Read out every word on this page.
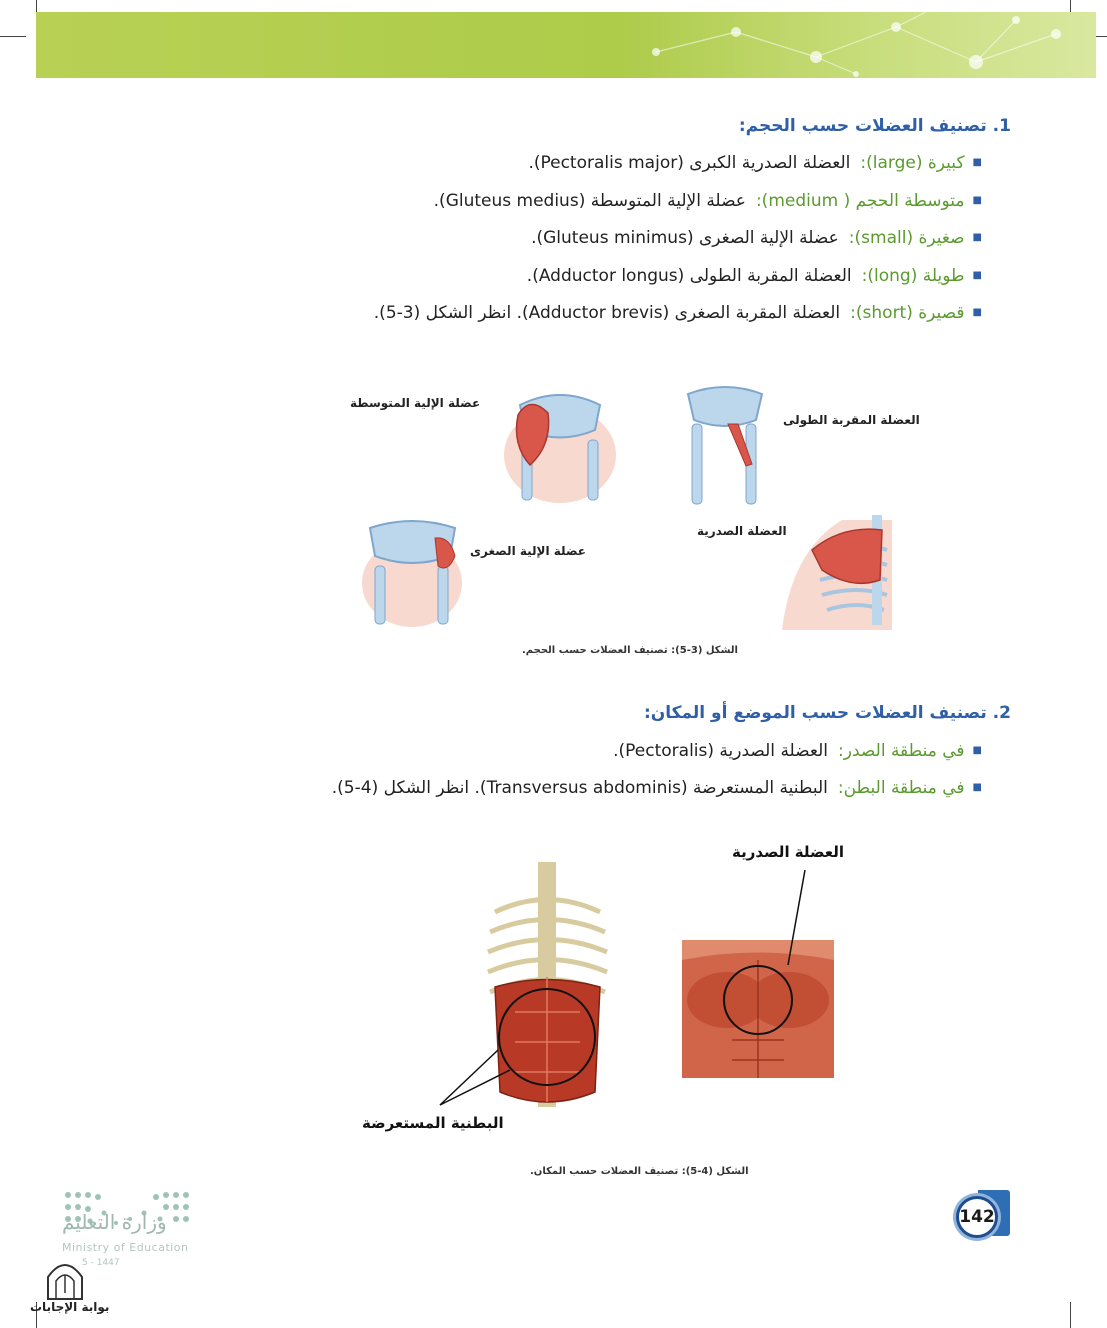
1. تصنيف العضلات حسب الحجم:
■كبيرة (large):العضلة الصدرية الكبرى (Pectoralis major).
■متوسطة الحجم ( medium):عضلة الإلية المتوسطة (Gluteus medius).
■صغيرة (small):عضلة الإلية الصغرى (Gluteus minimus).
■طويلة (long):العضلة المقربة الطولى (Adductor longus).
■قصيرة (short):العضلة المقربة الصغرى (Adductor brevis). انظر الشكل (3-5).
عضلة الإلية المتوسطة
العضلة المقربة الطولى
عضلة الإلية الصغرى
العضلة الصدرية
الشكل (3-5): تصنيف العضلات حسب الحجم.
2. تصنيف العضلات حسب الموضع أو المكان:
■في منطقة الصدر:العضلة الصدرية (Pectoralis).
■في منطقة البطن:البطنية المستعرضة (Transversus abdominis). انظر الشكل (4-5).
العضلة الصدرية
البطنية المستعرضة
الشكل (4-5): تصنيف العضلات حسب المكان.
وزارة التعليم
Ministry of Education
5 - 1447
بوابة الإجابات
142
